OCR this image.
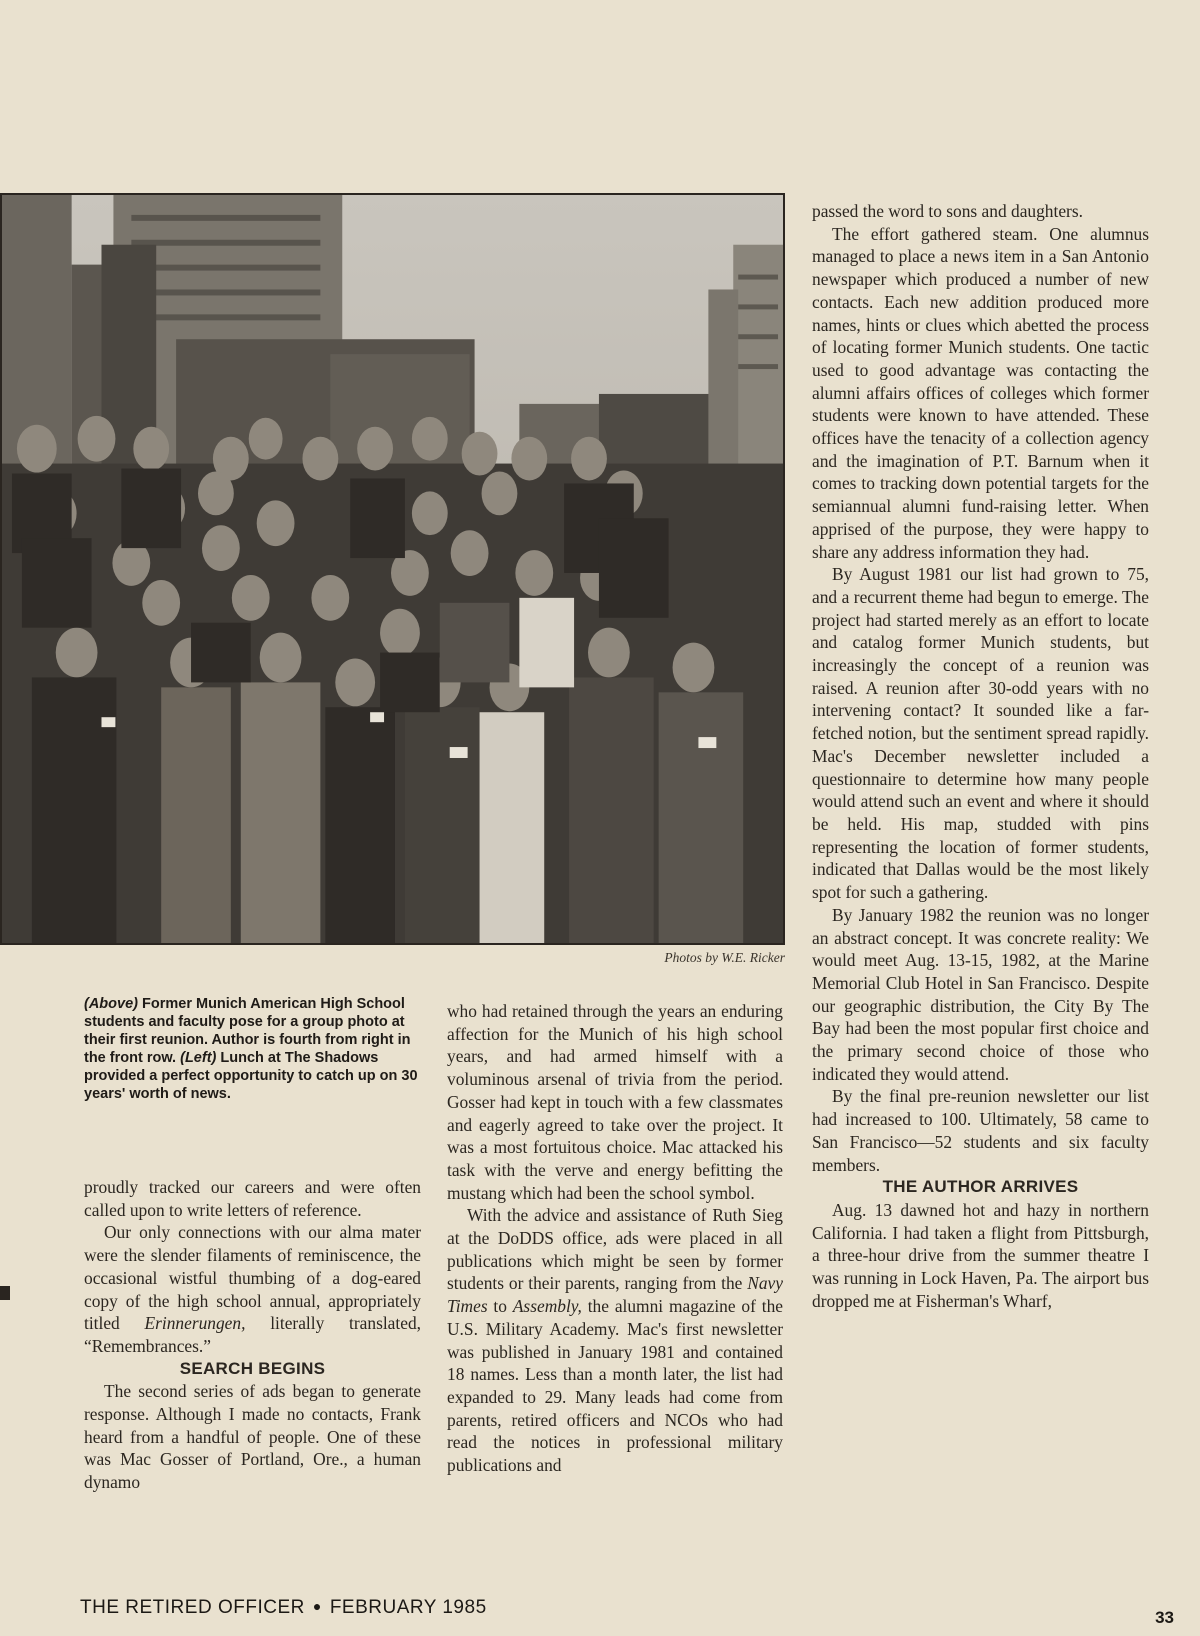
Photos by W.E. Ricker
(Above) Former Munich American High School students and faculty pose for a group photo at their first reunion. Author is fourth from right in the front row. (Left) Lunch at The Shadows provided a perfect opportunity to catch up on 30 years' worth of news.

proudly tracked our careers and were often called upon to write letters of reference.

Our only connections with our alma mater were the slender filaments of reminiscence, the occasional wistful thumbing of a dog-eared copy of the high school annual, appropriately titled Erinnerungen, literally translated, “Remembrances.”

SEARCH BEGINS

The second series of ads began to generate response. Although I made no contacts, Frank heard from a handful of people. One of these was Mac Gosser of Portland, Ore., a human dynamo

who had retained through the years an enduring affection for the Munich of his high school years, and had armed himself with a voluminous arsenal of trivia from the period. Gosser had kept in touch with a few classmates and eagerly agreed to take over the project. It was a most fortuitous choice. Mac attacked his task with the verve and energy befitting the mustang which had been the school symbol.

With the advice and assistance of Ruth Sieg at the DoDDS office, ads were placed in all publications which might be seen by former students or their parents, ranging from the Navy Times to Assembly, the alumni magazine of the U.S. Military Academy. Mac's first newsletter was published in January 1981 and contained 18 names. Less than a month later, the list had expanded to 29. Many leads had come from parents, retired officers and NCOs who had read the notices in professional military publications and

passed the word to sons and daughters.

The effort gathered steam. One alumnus managed to place a news item in a San Antonio newspaper which produced a number of new contacts. Each new addition produced more names, hints or clues which abetted the process of locating former Munich students. One tactic used to good advantage was contacting the alumni affairs offices of colleges which former students were known to have attended. These offices have the tenacity of a collection agency and the imagination of P.T. Barnum when it comes to tracking down potential targets for the semiannual alumni fund-raising letter. When apprised of the purpose, they were happy to share any address information they had.

By August 1981 our list had grown to 75, and a recurrent theme had begun to emerge. The project had started merely as an effort to locate and catalog former Munich students, but increasingly the concept of a reunion was raised. A reunion after 30-odd years with no intervening contact? It sounded like a far-fetched notion, but the sentiment spread rapidly. Mac's December newsletter included a questionnaire to determine how many people would attend such an event and where it should be held. His map, studded with pins representing the location of former students, indicated that Dallas would be the most likely spot for such a gathering.

By January 1982 the reunion was no longer an abstract concept. It was concrete reality: We would meet Aug. 13-15, 1982, at the Marine Memorial Club Hotel in San Francisco. Despite our geographic distribution, the City By The Bay had been the most popular first choice and the primary second choice of those who indicated they would attend.

By the final pre-reunion newsletter our list had increased to 100. Ultimately, 58 came to San Francisco—52 students and six faculty members.

THE AUTHOR ARRIVES

Aug. 13 dawned hot and hazy in northern California. I had taken a flight from Pittsburgh, a three-hour drive from the summer theatre I was running in Lock Haven, Pa. The airport bus dropped me at Fisherman's Wharf,

THE RETIRED OFFICER ● FEBRUARY 1985	33
